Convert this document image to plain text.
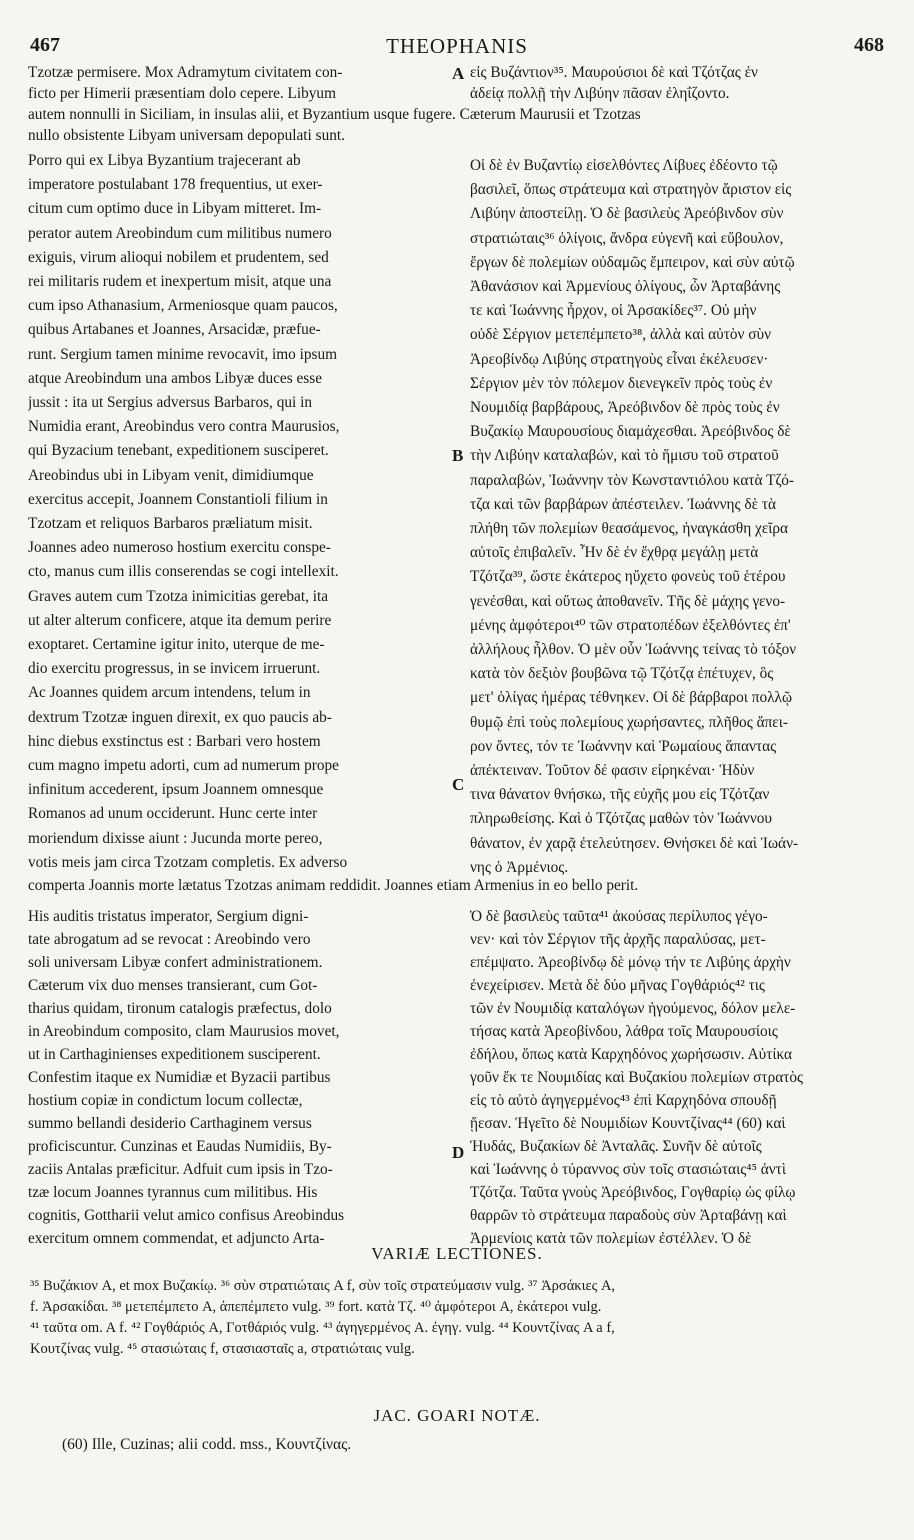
467	THEOPHANIS	468
Tzotzæ permisere. Mox Adramytum civitatem con-
ficto per Himerii præsentiam dolo cepere. Libyum
εἰς Βυζάντιον³⁵. Μαυρούσιοι δὲ καὶ Τζότζας ἐν
ἀδείᾳ πολλῇ τὴν Λιβύην πᾶσαν ἐληΐζοντο.
autem nonnulli in Siciliam, in insulas alii, et Byzantium usque fugere. Cæterum Maurusii et Tzotzas
nullo obsistente Libyam universam depopulati sunt.
Porro qui ex Libya Byzantium trajecerant ab
imperatore postulabant 178 frequentius, ut exer-
citum cum optimo duce in Libyam mitteret. Im-
perator autem Areobindum cum militibus numero
exiguis, virum alioqui nobilem et prudentem, sed
rei militaris rudem et inexpertum misit, atque una
cum ipso Athanasium, Armeniosque quam paucos,
quibus Artabanes et Joannes, Arsacidæ, præfue-
runt. Sergium tamen minime revocavit, imo ipsum
atque Areobindum una ambos Libyæ duces esse
jussit : ita ut Sergius adversus Barbaros, qui in
Numidia erant, Areobindus vero contra Maurusios,
qui Byzacium tenebant, expeditionem susciperet.
Areobindus ubi in Libyam venit, dimidiumque
exercitus accepit, Joannem Constantioli filium in
Tzotzam et reliquos Barbaros præliatum misit.
Joannes adeo numeroso hostium exercitu conspe-
cto, manus cum illis conserendas se cogi intellexit.
Graves autem cum Tzotza inimicitias gerebat, ita
ut alter alterum conficere, atque ita demum perire
exoptaret. Certamine igitur inito, uterque de me-
dio exercitu progressus, in se invicem irruerunt.
Ac Joannes quidem arcum intendens, telum in
dextrum Tzotzæ inguen direxit, ex quo paucis ab-
hinc diebus exstinctus est : Barbari vero hostem
cum magno impetu adorti, cum ad numerum prope
infinitum accederent, ipsum Joannem omnesque
Romanos ad unum occiderunt. Hunc certe inter
moriendum dixisse aiunt : Jucunda morte pereo,
votis meis jam circa Tzotzam completis. Ex adverso
Οἱ δὲ ἐν Βυζαντίῳ εἰσελθόντες Λίβυες ἐδέοντο τῷ
βασιλεῖ, ὅπως στράτευμα καὶ στρατηγὸν ἄριστον εἰς
Λιβύην ἀποστείλῃ. Ὁ δὲ βασιλεὺς Ἀρεόβινδον σὺν
στρατιώταις³⁶ ὀλίγοις, ἄνδρα εὐγενῆ καὶ εὔβουλον,
ἔργων δὲ πολεμίων οὐδαμῶς ἔμπειρον, καὶ σὺν αὐτῷ
Ἀθανάσιον καὶ Ἀρμενίους ὀλίγους, ὧν Ἀρταβάνης
τε καὶ Ἰωάννης ἦρχον, οἱ Ἀρσακίδες³⁷. Οὐ μὴν
οὐδὲ Σέργιον μετεπέμπετο³⁸, ἀλλὰ καὶ αὐτὸν σὺν
Ἀρεοβίνδῳ Λιβύης στρατηγοὺς εἶναι ἐκέλευσεν·
Σέργιον μὲν τὸν πόλεμον διενεγκεῖν πρὸς τοὺς ἐν
Νουμιδίᾳ βαρβάρους, Ἀρεόβινδον δὲ πρὸς τοὺς ἐν
Βυζακίῳ Μαυρουσίους διαμάχεσθαι. Ἀρεόβινδος δὲ
τὴν Λιβύην καταλαβών, καὶ τὸ ἥμισυ τοῦ στρατοῦ
παραλαβών, Ἰωάννην τὸν Κωνσταντιόλου κατὰ Τζό-
τζα καὶ τῶν βαρβάρων ἀπέστειλεν. Ἰωάννης δὲ τὰ
πλήθη τῶν πολεμίων θεασάμενος, ἠναγκάσθη χεῖρα
αὐτοῖς ἐπιβαλεῖν. Ἦν δὲ ἐν ἔχθρᾳ μεγάλῃ μετὰ
Τζότζα³⁹, ὥστε ἑκάτερος ηὔχετο φονεὺς τοῦ ἑτέρου
γενέσθαι, καὶ οὕτως ἀποθανεῖν. Τῆς δὲ μάχης γενο-
μένης ἀμφότεροι⁴⁰ τῶν στρατοπέδων ἐξελθόντες ἐπ'
ἀλλήλους ἦλθον. Ὁ μὲν οὖν Ἰωάννης τείνας τὸ τόξον
κατὰ τὸν δεξιὸν βουβῶνα τῷ Τζότζᾳ ἐπέτυχεν, ὃς
μετ' ὀλίγας ἡμέρας τέθνηκεν. Οἱ δὲ βάρβαροι πολλῷ
θυμῷ ἐπὶ τοὺς πολεμίους χωρήσαντες, πλῆθος ἄπει-
ρον ὄντες, τόν τε Ἰωάννην καὶ Ῥωμαίους ἅπαντας
ἀπέκτειναν. Τοῦτον δέ φασιν εἰρηκέναι· Ἡδὺν
τινα θάνατον θνήσκω, τῆς εὐχῆς μου εἰς Τζότζαν
πληρωθείσης. Καὶ ὁ Τζότζας μαθὼν τὸν Ἰωάννου
θάνατον, ἐν χαρᾷ ἐτελεύτησεν. Θνήσκει δὲ καὶ Ἰωάν-
νης ὁ Ἀρμένιος.
comperta Joannis morte lætatus Tzotzas animam reddidit. Joannes etiam Armenius in eo bello perit.
His auditis tristatus imperator, Sergium digni-
tate abrogatum ad se revocat : Areobindo vero
soli universam Libyæ confert administrationem.
Cæterum vix duo menses transierant, cum Got-
tharius quidam, tironum catalogis præfectus, dolo
in Areobindum composito, clam Maurusios movet,
ut in Carthaginienses expeditionem susciperent.
Confestim itaque ex Numidiæ et Byzacii partibus
hostium copiæ in condictum locum collectæ,
summo bellandi desiderio Carthaginem versus
proficiscuntur. Cunzinas et Eaudas Numidiis, By-
zaciis Antalas præficitur. Adfuit cum ipsis in Tzo-
tzæ locum Joannes tyrannus cum militibus. His
cognitis, Gottharii velut amico confisus Areobindus
exercitum omnem commendat, et adjuncto Arta-
Ὁ δὲ βασιλεὺς ταῦτα⁴¹ ἀκούσας περίλυπος γέγο-
νεν· καὶ τὸν Σέργιον τῆς ἀρχῆς παραλύσας, μετ-
επέμψατο. Ἀρεοβίνδῳ δὲ μόνῳ τήν τε Λιβύης ἀρχὴν
ἐνεχείρισεν. Μετὰ δὲ δύο μῆνας Γογθάριός⁴² τις
τῶν ἐν Νουμιδίᾳ καταλόγων ἡγούμενος, δόλον μελε-
τήσας κατὰ Ἀρεοβίνδου, λάθρα τοῖς Μαυρουσίοις
ἐδήλου, ὅπως κατὰ Καρχηδόνος χωρήσωσιν. Αὐτίκα
γοῦν ἔκ τε Νουμιδίας καὶ Βυζακίου πολεμίων στρατὸς
εἰς τὸ αὐτὸ ἀγηγερμένος⁴³ ἐπὶ Καρχηδόνα σπουδῇ
ᾔεσαν. Ἡγεῖτο δὲ Νουμιδίων Κουντζίνας⁴⁴ (60) καὶ
Ἡυδάς, Βυζακίων δὲ Ἀνταλᾶς. Συνῆν δὲ αὐτοῖς
καὶ Ἰωάννης ὁ τύραννος σὺν τοῖς στασιώταις⁴⁵ ἀντὶ
Τζότζα. Ταῦτα γνοὺς Ἀρεόβινδος, Γογθαρίῳ ὡς φίλῳ
θαρρῶν τὸ στράτευμα παραδοὺς σὺν Ἀρταβάνῃ καὶ
Ἀρμενίοις κατὰ τῶν πολεμίων ἐστέλλεν. Ὁ δὲ
A
B
C
D
VARIÆ LECTIONES.
³⁵ Βυζάκιον A, et mox Βυζακίῳ. ³⁶ σὺν στρατιώταις A f, σὺν τοῖς στρατεύμασιν vulg. ³⁷ Ἀρσάκιες A,
f. Ἀρσακίδαι. ³⁸ μετεπέμπετο A, ἀπεπέμπετο vulg. ³⁹ fort. κατὰ Τζ. ⁴⁰ ἀμφότεροι A, ἑκάτεροι vulg.
⁴¹ ταῦτα om. A f. ⁴² Γογθάριός A, Γοτθάριός vulg. ⁴³ ἀγηγερμένος A. ἐγηγ. vulg. ⁴⁴ Κουντζίνας A a f,
Κουτζίνας vulg. ⁴⁵ στασιώταις f, στασιασταῖς a, στρατιώταις vulg.
JAC. GOARI NOTÆ.
(60) Ille, Cuzinas; alii codd. mss., Κουντζίνας.
